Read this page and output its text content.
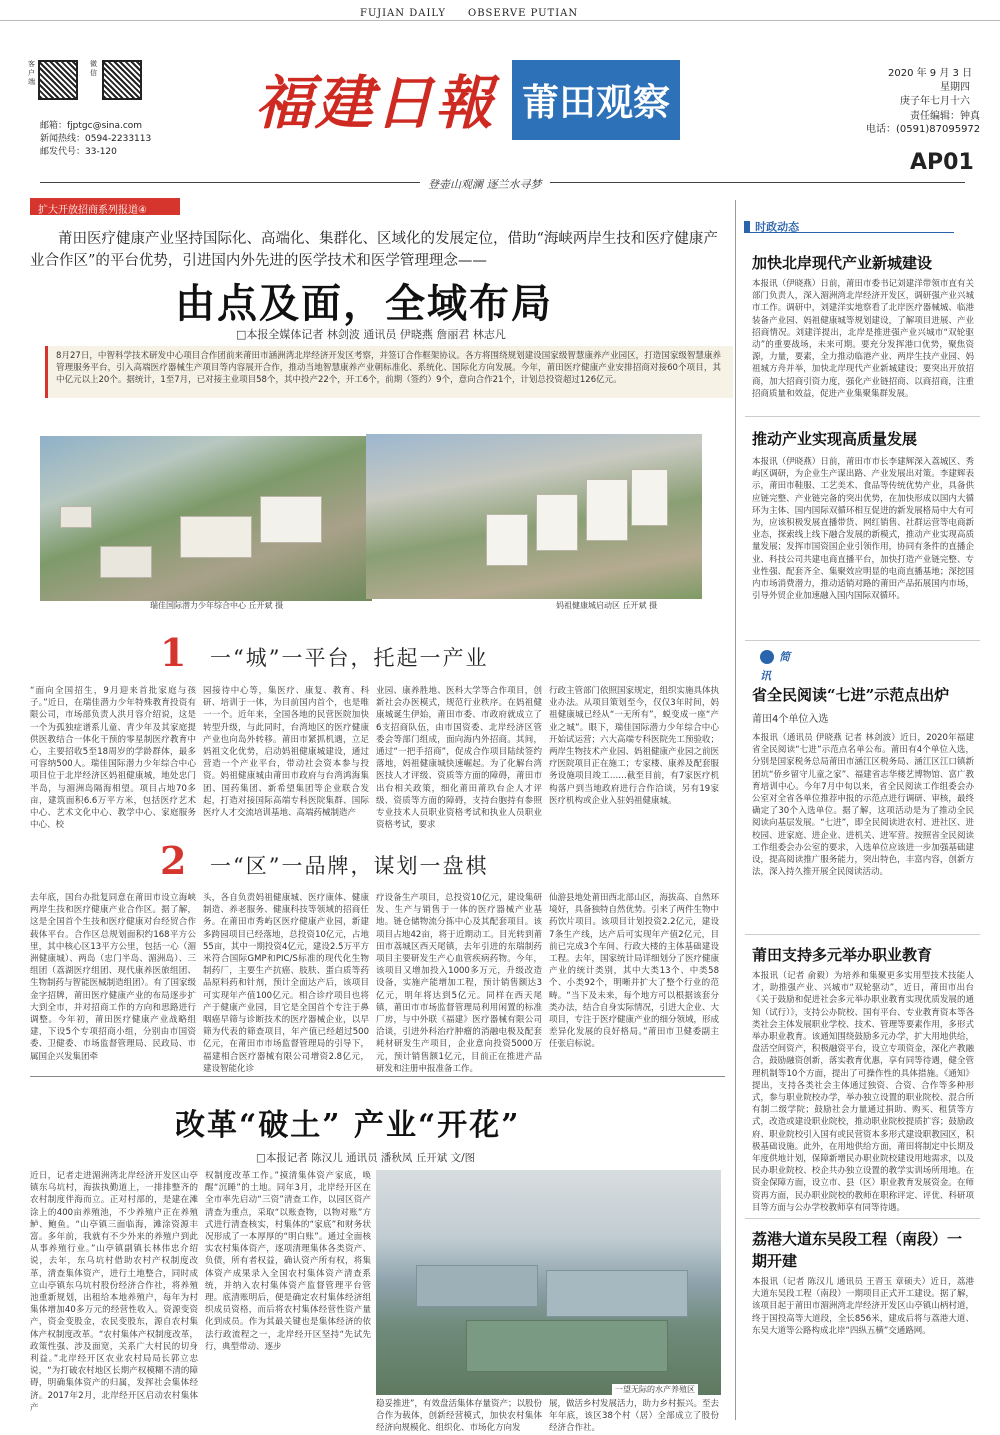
FUJIAN DAILY OBSERVE PUTIAN
客户端
微信
邮箱：fjptgc@sina.com
新闻热线：0594-2233113
邮发代号：33-120
福建日報 莆田观察
2020 年 9 月 3 日
星期四
庚子年七月十六
责任编辑：钟真
电话：(0591)87095972
AP01
登壶山观澜 逐兰水寻梦
扩大开放招商系列报道④
莆田医疗健康产业坚持国际化、高端化、集群化、区域化的发展定位，借助“海峡两岸生技和医疗健康产业合作区”的平台优势，引进国内外先进的医学技术和医学管理理念——
由点及面，全域布局
□本报全媒体记者 林剑波 通讯员 伊晓燕 詹丽君 林志凡
8月27日，中智科学技术研发中心项目合作团前来莆田市涵洲湾北岸经济开发区考察，并签订合作框架协议。各方将围绕规划建设国家级智慧康养产业园区，打造国家级智慧康养管理服务平台，引入高端医疗器械生产项目等内容展开合作，推动当地智慧康养产业朝标准化、系统化、国际化方向发展。今年，莆田医疗健康产业安排招商对接60个项目，其中亿元以上20个。据统计，1至7月，已对接主业项目58个，其中投产22个，开工6个，前期（签约）9个，意向合作21个，计划总投资超过126亿元。
瑞佳国际潜力少年综合中心 丘开斌 摄	妈祖健康城启动区 丘开斌 摄
1 一“城”一平台，托起一产业
“面向全国招生，9月迎来首批家庭与孩子。”近日，在瑞佳潜力少年特殊教育投资有限公司，市场部负责人洪月容介绍说，这是一个为孤独症谱系儿童、青少年及其家庭提供医教结合一体化干预的零星制医疗教育中心，主要招收5至18周岁的学龄群体，最多可容纳500人。瑞佳国际潜力少年综合中心项目位于北岸经济区妈祖健康城，地处忠门半岛，与湄洲岛隔海相望。项目占地70多亩，建筑面积6.6万平方米，包括医疗艺术中心、艺术文化中心、教学中心、家庭服务中心、校
园接待中心等，集医疗、康复、教育、科研、培训于一体，为目前国内首个，也是唯一一个。近年来，全国各地的民营医院加快转型升级，与此同时，台湾地区的医疗健康产业也向岛外转移。莆田市紧抓机遇，立足妈祖文化优势，启动妈祖健康城建设，通过营造一个产业平台，带动社会资本参与投资。妈祖健康城由莆田市政府与台湾鸿海集团、国药集团、新希望集团等企业联合发起，打造对接国际高端专科医院集群、国际医疗人才交流培训基地、高端药械制造产
业园、康养胜地、医科大学等合作项目，创新社会办医模式，规范行业秩序。在妈祖健康城诞生伊始，莆田市委、市政府就成立了6支招商队伍，由市国资委、北岸经济区管委会等部门组成，面向海内外招商。其间，通过“一把手招商”，促成合作项目陆续签约落地，妈祖健康城快速崛起。为了化解台湾医技人才评级、资质等方面的障碍，莆田市出台相关政策，细化莆田莆玖台企人才评级、资质等方面的障碍，支持台胞持有参照专业技术人员职业资格考试和执业人员职业资格考试，要求
行政主管部门依照国家规定，组织实施具体执业办法。从项目策划至今，仅仅3年时间，妈祖健康城已经从“一无所有”，蜕变成一座“产业之城”。眼下，瑞佳国际潜力少年综合中心开始试运营；六大高端专科医院先工预验收；两岸生物技术产业园、妈祖健康产业园之前医疗医院项目正在施工；专家楼、康养及配套服务设施项目竣工……截至目前，有7家医疗机构落户到当地政府进行合作洽谈，另有19家医疗机构或企业入驻妈祖健康城。
2 一“区”一品牌，谋划一盘棋
去年底，国台办批复同意在莆田市设立海峡两岸生技和医疗健康产业合作区。据了解，这是全国首个生技和医疗健康对台经贸合作载体平台。合作区总规划面积约168平方公里，其中核心区13平方公里，包括一心（湄洲健康城）、两岛（忠门半岛、湄洲岛）、三组团（荔湖医疗组团、现代康养医旅组团、生物制药与智能医械制造组团）。有了国家级金字招牌，莆田医疗健康产业的布局逐步扩大到全市，并对招商工作的方向和思路进行调整。今年初，莆田医疗健康产业战略组建，下设5个专项招商小组，分别由市国资委、卫健委、市场监督管理局、民政局、市属国企兴发集团牵
头，各自负责妈祖健康城、医疗康体、健康制造、养老服务、健康科技等领域的招商任务。在莆田市秀屿区医疗健康产业园，新建多跨园项目已经落地，总投资10亿元，占地55亩，其中一期投资4亿元，建设2.5万平方米符合国际GMP和PIC/S标准的现代化生物制药厂，主要生产抗癌、肢肤、蛋白质等药品原料药和针剂，预计全面达产后，该项目可实现年产值100亿元。相合诊疗项目也将产于健康产业园，目它是全国首个专注于鼻咽癌早筛与诊断技术的医疗器械企业，以早筛为代表的筛查项目，年产值已经超过500亿元，在莆田市市场监督管理局的引导下，福建相合医疗器械有限公司增资2.8亿元，建设智能化诊
疗设备生产项目，总投资10亿元，建设集研发、生产与销售于一体的医疗器械产业基地。链仓储物流分拣中心及其配套项目。该项目占地42亩，将于近期动工。目光转到莆田市荔城区西天尾镇，去年引进的东瑞制药项目主要研发生产心血管疾病药物。今年，该项目又增加投入1000多万元，升级改造设备，实施产能增加工程，预计销售额达3亿元，明年将达到5亿元。同样在西天尾镇，莆田市市场监督管理局利用闲置的标准厂房，与中外联《福建》医疗器械有限公司洽谈，引进外科治疗肿瘤的消融电极及配套耗材研发生产项目，企业意向投资5000万元，预计销售额1亿元，目前正在推进产品研发和注册申报准备工作。
仙游县地处莆田西北部山区，海拔高、自然环境好，具备独特自然优势。引来了两件生物中药饮片项目。该项目计划投资2.2亿元，建设7条生产线，达产后可实现年产值2亿元，目前已完成3个车间、行政大楼的主体基础建设工程。去年，国家统计局详细划分了医疗健康产业的统计类别，其中大类13个、中类58个、小类92个，明晰并扩大了整个行业的范畴。“当下及未来，每个地方可以根据该套分类办法，结合自身实际情况，引进大企业、大项目，专注于医疗健康产业的细分领域，形成差异化发展的良好格局。”莆田市卫健委副主任张启标说。
改革“破土” 产业“开花”
□本报记者 陈汉儿 通讯员 潘秋凤 丘开斌 文/图
近日，记者走进湄洲湾北岸经济开发区山亭镇东乌坑村，海拔执勤道上，一排排整齐的农村制度伴海而立。正对村部的，是建在滩涂上的400亩养殖池，不少养殖户正在养殖鲈、鲍鱼。“山亭镇三面临海，滩涂资源丰富。多年前，我就有不少外来的养殖户到此从事养殖行业。”山亭镇副镇长林伟忠介绍说，去年，东乌坑村借助农村产权制度改革，清查集体资产，进行土地整合，同时成立山亭镇东乌坑村股份经济合作社，将养殖池重新规划，出租给本地养殖户，每年为村集体增加40多万元的经营性收入。资源变资产，资金变股金，农民变股东，源自农村集体产权制度改革。“农村集体产权制度改革，政策性强、涉及面宽，关系广大村民的切身利益。”北岸经开区农业农村局局长郭立忠说，“为打破农村地区长期产权模糊不清的障碍，明确集体资产的归属，发挥社会集体经济。2017年2月，北岸经开区启动农村集体产
权制度改革工作。”摸清集体资产家底，唤醒“沉睡”的土地。同年3月，北岸经开区在全市率先启动“三资”清查工作，以园区资产清查为重点，采取“以账查物，以物对账”方式进行清查核实，村集体的“家底”和财务状况形成了一本厚厚的“明白账”。通过全面核实农村集体资产，逐项清理集体各类资产、负债，所有者权益，确认资产所有权，将集体资产成果录入全国农村集体资产清查系统，并纳入农村集体资产监督管理平台管理。底清账明后，便是确定农村集体经济组织成员资格，而后将农村集体经营性资产量化到成员。作为其最关键也是集体经济的依法行政流程之一，北岸经开区坚持“先试先行，典型带动、逐步
一望无际的水产养殖区
稳妥推进”，有效盘活集体存量资产；以股份合作为载体，创新经营模式，加快农村集体经济向规模化、组织化、市场化方向发
展，做活乡村发展活力，助力乡村振兴。至去年年底，该区38个村（居）全部成立了股份经济合作社。
时政动态
加快北岸现代产业新城建设
本报讯（伊晓燕）日前，莆田市委书记刘建洋带领市直有关部门负责人，深入湄洲湾北岸经济开发区，调研强产业兴城市工作。调研中，刘建洋实地察看了北岸医疗器械城、临港装备产业园、妈祖健康城等规划建设，了解项目进展、产业招商情况。刘建洋提出，北岸是推进强产业兴城市“双轮驱动”的重要战场，未来可期。要充分发挥港口优势，聚焦资源，力量，要素，全力推动临港产业、两岸生技产业园、妈祖城方舟并举，加快北岸现代产业新城建设；要突出开放招商，加大招商引资力度，强化产业链招商、以商招商，注重招商质量和效益，促进产业集聚集群发展。
推动产业实现高质量发展
本报讯（伊晓燕）日前，莆田市市长李建辉深入荔城区、秀屿区调研，为企业生产谋出路、产业发展出对策。李建辉表示，莆田市鞋服、工艺美术、食品等传统优势产业，具备供应链完整、产业链完备的突出优势，在加快形成以国内大循环为主体、国内国际双循环相互促进的新发展格局中大有可为，应该积极发展直播带货、网红销售、社群运营等电商新业态，探索线上线下融合发展的新模式，推动产业实现高质量发展；发挥市国资国企业引领作用，协同有条件的直播企业、科技公司共建电商直播平台，加快打造产业链完整、专业性强、配套齐全、集聚效应明显的电商直播基地；深挖国内市场消费潜力，推动适销对路的莆田产品拓展国内市场，引导外贸企业加速融入国内国际双循环。
简讯
省全民阅读“七进”示范点出炉
莆田4个单位入选
本报讯（通讯员 伊晓燕 记者 林剑波）近日，2020年福建省全民阅读“七进”示范点名单公布。莆田有4个单位入选，分别是国家税务总局莆田市涵江区税务局、涵江区江口镇新团坑“侨乡留守儿童之家”、福建省志华楼艺博物馆、富广教育培训中心。今年7月中旬以来，省全民阅读工作组委会办公室对全省各单位推荐申报的示范点进行调研、审核，最终确定了30个入选单位。据了解，这项活动是为了推动全民阅读向基层发展。“七进”，即全民阅读进农村、进社区、进校园、进家庭、进企业、进机关、进军营。按照省全民阅读工作组委会办公室的要求，入选单位应该进一步加强基础建设，提高阅读推广服务能力，突出特色，丰富内容，创新方法，深入持久推开展全民阅读活动。
莆田支持多元举办职业教育
本报讯（记者 俞毅）为培养和集聚更多实用型技术技能人才，助推强产业、兴城市“双轮驱动”，近日，莆田市出台《关于鼓励和促进社会多元举办职业教育实现优质发展的通知（试行）》，支持公办院校、国有平台、专业教育资本等各类社会主体发展职业学校、技术、管理等要素作用，多形式举办职业教育。该通知围绕鼓励多元办学，扩大用地供给，盘活空间资产，积极融资平台，设立专项资金，深化产教融合，鼓励融资创新，落实教育优惠，享有同等待遇，健全管理机制等10个方面，提出了可操作性的具体措施。《通知》提出，支持各类社会主体通过独资、合资、合作等多种形式，参与职业院校办学，举办独立设置的职业院校、混合所有制二级学院；鼓励社会力量通过捐助、购买、租赁等方式，改造或建设职业院校，推动职业院校提质扩容；鼓励政府、职业院校引入国有或民营资本多形式建设职教园区，积极基础设施。此外，在用地供给方面，莆田将制定中长期及年度供地计划，保障新增民办职业院校建设用地需求，以及民办职业院校、校企共办独立设置的教学实训场所用地。在资金保障方面，设立市、县（区）职业教育发展资金。在师资再方面，民办职业院校的教师在职称评定、评优、科研项目等方面与公办学校教师享有同等待遇。
荔港大道东吴段工程（南段）一期开建
本报讯（记者 陈汉儿 通讯员 王晋玉 章硕夫）近日，荔港大道东吴段工程（南段）一期项目正式开工建设。据了解，该项目起于莆田市湄洲湾北岸经济开发区山亭镇山柄村道，终于国投高等大道段，全长856米，建成后将与荔港大道、东吴大道等公路构成北岸“四纵五横”交通路网。
